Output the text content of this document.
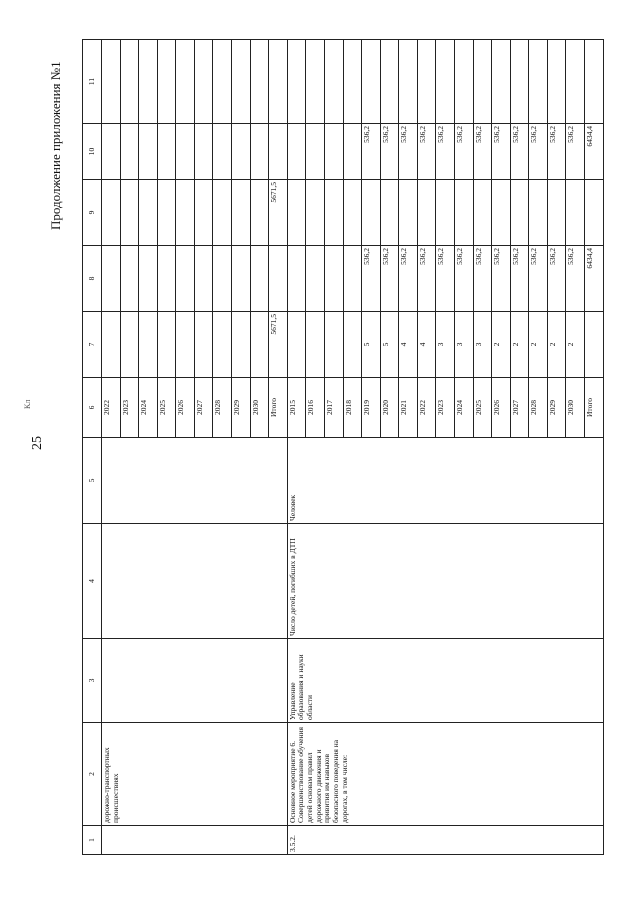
25
Продолжение приложения №1
Кл
1	2	3	4	5	6	7	8	9	10	11	
	дорожно-транспортных происшествиях				2022						
					2023						
					2024						
					2025						
					2026						
					2027						
					2028						
					2029						
					2030						
					Итого	5671,5		5671,5			
3.5.2.	Основное мероприятие 6. Совершенствование обучения детей основам правил дорожного движения и привития им навыков безопасного поведения на дорогах, в том числе:	Управление образования и науки области	Число детей, погибших в ДТП	Человек	2015						
					2016						
					2017						
					2018						
					2019	5	536,2		536,2		
					2020	5	536,2		536,2		
					2021	4	536,2		536,2		
					2022	4	536,2		536,2		
					2023	3	536,2		536,2		
					2024	3	536,2		536,2		
					2025	3	536,2		536,2		
					2026	2	536,2		536,2		
					2027	2	536,2		536,2		
					2028	2	536,2		536,2		
					2029	2	536,2		536,2		
					2030	2	536,2		536,2		
					Итого		6434,4		6434,4		
